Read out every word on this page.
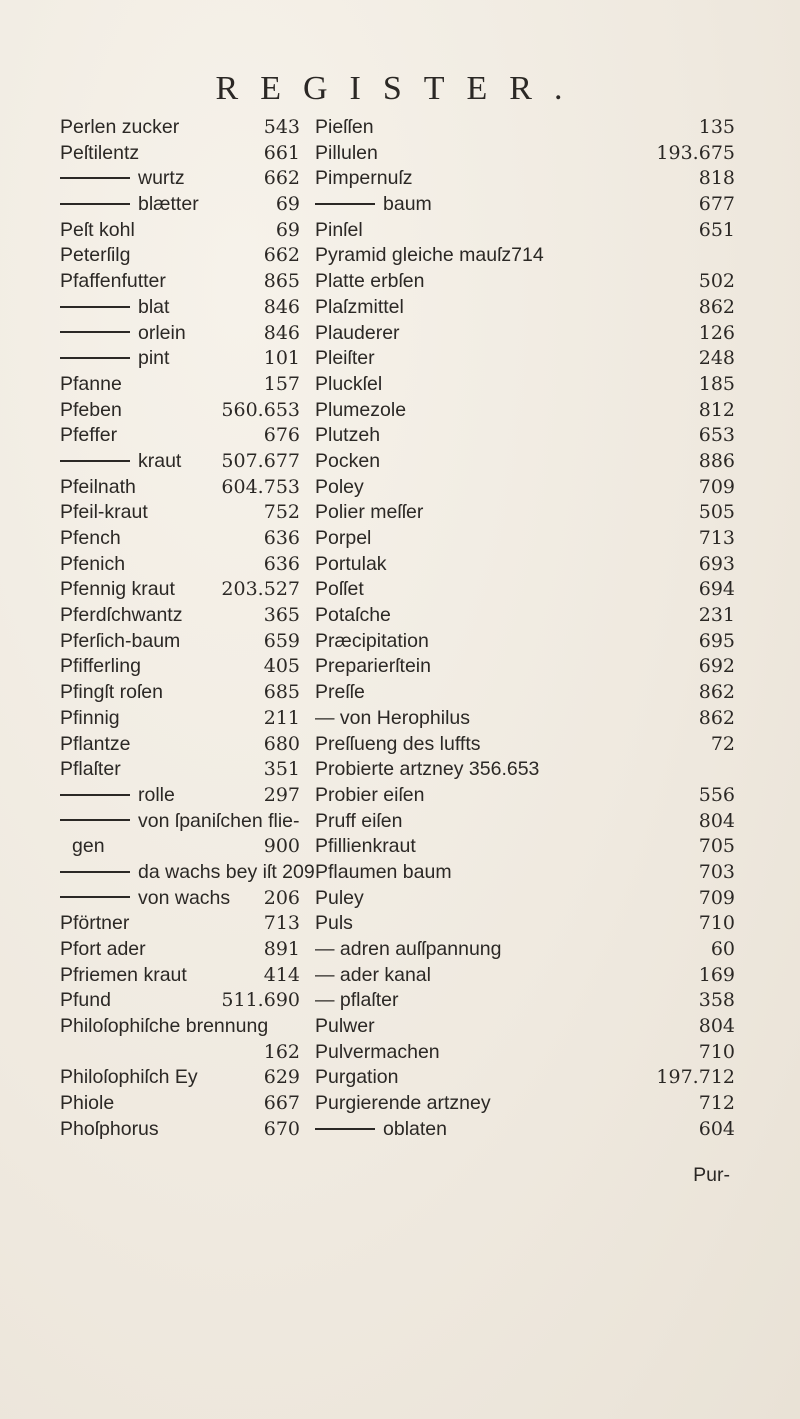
REGISTER.
Perlen zucker	543
Peſtilentz	661
wurtz	662
blætter	69
Peſt kohl	69
Peterſilg	662
Pfaffenfutter	865
blat	846
orlein	846
pint	101
Pfanne	157
Pfeben	560.653
Pfeffer	676
kraut 507.677
Pfeilnath	604.753
Pfeil-kraut	752
Pfench	636
Pfenich	636
Pfennig kraut 203.527
Pferdſchwantz	365
Pferſich-baum	659
Pfifferling	405
Pfingſt roſen	685
Pfinnig	211
Pflantze	680
Pflaſter	351
rolle	297
von ſpaniſchen flie-
gen	900
da wachs bey iſt 209
von wachs 206
Pförtner	713
Pfort ader	891
Pfriemen kraut	414
Pfund	511.690
Philoſophiſche brennung
162
Philoſophiſch Ey	629
Phiole	667
Phoſphorus	670
Pieſſen	135
Pillulen	193.675
Pimpernuſz	818
baum	677
Pinſel	651
Pyramid gleiche mauſz714
Platte erbſen	502
Plaſzmittel	862
Plauderer	126
Pleiſter	248
Pluckſel	185
Plumezole	812
Plutzeh	653
Pocken	886
Poley	709
Polier meſſer	505
Porpel	713
Portulak	693
Poſſet	694
Potaſche	231
Præcipitation	695
Preparierſtein	692
Preſſe	862
— von Herophilus	862
Preſſueng des luffts	72
Probierte artzney 356.653
Probier eiſen	556
Pruff eiſen	804
Pfillienkraut	705
Pflaumen baum	703
Puley	709
Puls	710
— adren auſſpannung	60
— ader kanal	169
— pflaſter	358
Pulwer	804
Pulvermachen	710
Purgation	197.712
Purgierende artzney	712
oblaten	604
Pur-
